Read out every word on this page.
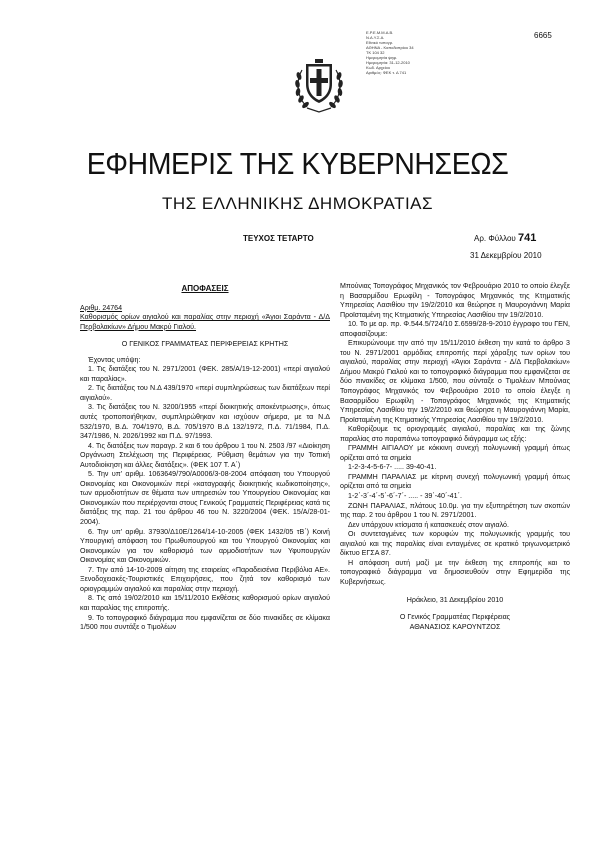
Ε.Ρ.Ε.Μ.Μ.Α.Β.
Ν.Α.Υ.Σ.Α.
Εθνικό τυπογρ.
ΑΘΗΝΑ - Καποδιστρίου 34
ΤΚ 104 32
Ημερομηνία ψηφ.
Ημερομηνία: 31-12-2010
Κωδ. Αρχείου
Αριθμός: ΦΕΚ τ. Δ 741
6665
ΕΦΗΜΕΡΙΣ ΤΗΣ ΚΥΒΕΡΝΗΣΕΩΣ
ΤΗΣ ΕΛΛΗΝΙΚΗΣ ΔΗΜΟΚΡΑΤΙΑΣ
ΤΕΥΧΟΣ ΤΕΤΑΡΤΟ	Αρ. Φύλλου 741
31 Δεκεμβρίου 2010
ΑΠΟΦΑΣΕΙΣ

Αριθμ. 24764

Καθορισμός ορίων αιγιαλού και παραλίας στην περιοχή «Άγιοι Σαράντα - Δ/Δ Περβολακίων» Δήμου Μακρύ Γιαλού.

Ο ΓΕΝΙΚΟΣ ΓΡΑΜΜΑΤΕΑΣ ΠΕΡΙΦΕΡΕΙΑΣ ΚΡΗΤΗΣ

Έχοντας υπόψη:

1. Τις διατάξεις του Ν. 2971/2001 (ΦΕΚ. 285/Α/19-12-2001) «περί αιγιαλού και παραλίας».

2. Τις διατάξεις του Ν.Δ 439/1970 «περί συμπληρώσεως των διατάξεων περί αιγιαλού».

3. Τις διατάξεις του Ν. 3200/1955 «περί διοικητικής αποκέντρωσης», όπως αυτές τροποποιήθηκαν, συμπληρώθηκαν και ισχύουν σήμερα, με τα Ν.Δ 532/1970, Β.Δ. 704/1970, Β.Δ. 705/1970 Β.Δ 132/1972, Π.Δ. 71/1984, Π.Δ. 347/1986, Ν. 2026/1992 και Π.Δ. 97/1993.

4. Τις διατάξεις των παραγρ. 2 και 6 του άρθρου 1 του Ν. 2503 /97 «Διοίκηση Οργάνωση Στελέχωση της Περιφέρειας. Ρύθμιση θεμάτων για την Τοπική Αυτοδιοίκηση και άλλες διατάξεις». (ΦΕΚ 107 Τ. Α΄)

5. Την υπ' αριθμ. 1063649/790/Α0006/3-08-2004 απόφαση του Υπουργού Οικονομίας και Οικονομικών περί «καταγραφής διοικητικής κωδικοποίησης», των αρμοδιοτήτων σε θέματα των υπηρεσιών του Υπουργείου Οικονομίας και Οικονομικών που περιέρχονται στους Γενικούς Γραμματείς Περιφέρειας κατά τις διατάξεις της παρ. 21 του άρθρου 46 του Ν. 3220/2004 (ΦΕΚ. 15/Α/28-01-2004).

6. Την υπ' αριθμ. 37930/Δ10Ε/1264/14-10-2005 (ΦΕΚ 1432/05 τΒ΄) Κοινή Υπουργική απόφαση του Πρωθυπουργού και του Υπουργού Οικονομίας και Οικονομικών για τον καθορισμό των αρμοδιοτήτων των Υφυπουργών Οικονομίας και Οικονομικών.

7. Την από 14-10-2009 αίτηση της εταιρείας «Παραδεισένια Περιβόλια ΑΕ». Ξενοδοχειακές-Τουριστικές Επιχειρήσεις, που ζητά τον καθορισμό των οριογραμμών αιγιαλού και παραλίας στην περιοχή.

8. Τις από 19/02/2010 και 15/11/2010 Εκθέσεις καθορισμού ορίων αιγιαλού και παραλίας της επιτροπής.

9. Το τοπογραφικό διάγραμμα που εμφανίζεται σε δύο πινακίδες σε κλίμακα 1/500 που συντάξε ο Τιμολέων

Μπούνιας Τοπογράφος Μηχανικός τον Φεβρουάριο 2010 το οποίο έλεγξε η Βασαρμίδου Ερωφίλη - Τοπογράφος Μηχανικός της Κτηματικής Υπηρεσίας Λασιθίου την 19/2/2010 και θεώρησε η Μαυρογιάννη Μαρία Προϊσταμένη της Κτηματικής Υπηρεσίας Λασιθίου την 19/2/2010.

10. Το με αρ. πρ. Φ.544.5/724/10 Σ.6599/28-9-2010 έγγραφο του ΓΕΝ, αποφασίζουμε:

Επικυρώνουμε την από την 15/11/2010 έκθεση την κατά το άρθρο 3 του Ν. 2971/2001 αρμόδιας επιτροπής περί χάραξης των ορίων του αιγιαλού, παραλίας στην περιοχή «Άγιοι Σαράντα - Δ/Δ Περβολακίων» Δήμου Μακρύ Γιαλού και το τοπογραφικό διάγραμμα που εμφανίζεται σε δύο πινακίδες σε κλίμακα 1/500, που σύνταξε ο Τιμολέων Μπούνιας Τοπογράφος Μηχανικός τον Φεβρουάριο 2010 το οποίο έλεγξε η Βασαρμίδου Ερωφίλη - Τοπογράφος Μηχανικός της Κτηματικής Υπηρεσίας Λασιθίου την 19/2/2010 και θεώρησε η Μαυρογιάννη Μαρία, Προϊσταμένη της Κτηματικής Υπηρεσίας Λασιθίου την 19/2/2010.

Καθορίζουμε τις οριογραμμές αιγιαλού, παραλίας και της ζώνης παραλίας στο παραπάνω τοπογραφικό διάγραμμα ως εξής:

ΓΡΑΜΜΗ ΑΙΓΙΑΛΟΥ με κόκκινη συνεχή πολυγωνική γραμμή όπως ορίζεται από τα σημεία

1-2-3-4-5-6-7- ..... 39-40-41.

ΓΡΑΜΜΗ ΠΑΡΑΛΙΑΣ με κίτρινη συνεχή πολυγωνική γραμμή όπως ορίζεται από τα σημεία

1-2΄-3΄-4΄-5΄-6΄-7΄- ..... - 39΄-40΄-41΄.

ΖΩΝΗ ΠΑΡΑΛΙΑΣ, πλάτους 10.0μ. για την εξυπηρέτηση των σκοπών της παρ. 2 του άρθρου 1 του Ν. 2971/2001.

Δεν υπάρχουν κτίσματα ή κατασκευές στον αιγιαλό.

Οι συντεταγμένες των κορυφών της πολυγωνικής γραμμής του αιγιαλού και της παραλίας είναι ενταγμένες σε κρατικό τριγωνομετρικό δίκτυο ΕΓΣΑ 87.

Η απόφαση αυτή μαζί με την έκθεση της επιτροπής και το τοπογραφικό διάγραμμα να δημοσιευθούν στην Εφημερίδα της Κυβερνήσεως.

Ηράκλειο, 31 Δεκεμβρίου 2010

Ο Γενικός Γραμματέας Περιφέρειας

ΑΘΑΝΑΣΙΟΣ ΚΑΡΟΥΝΤΖΟΣ
